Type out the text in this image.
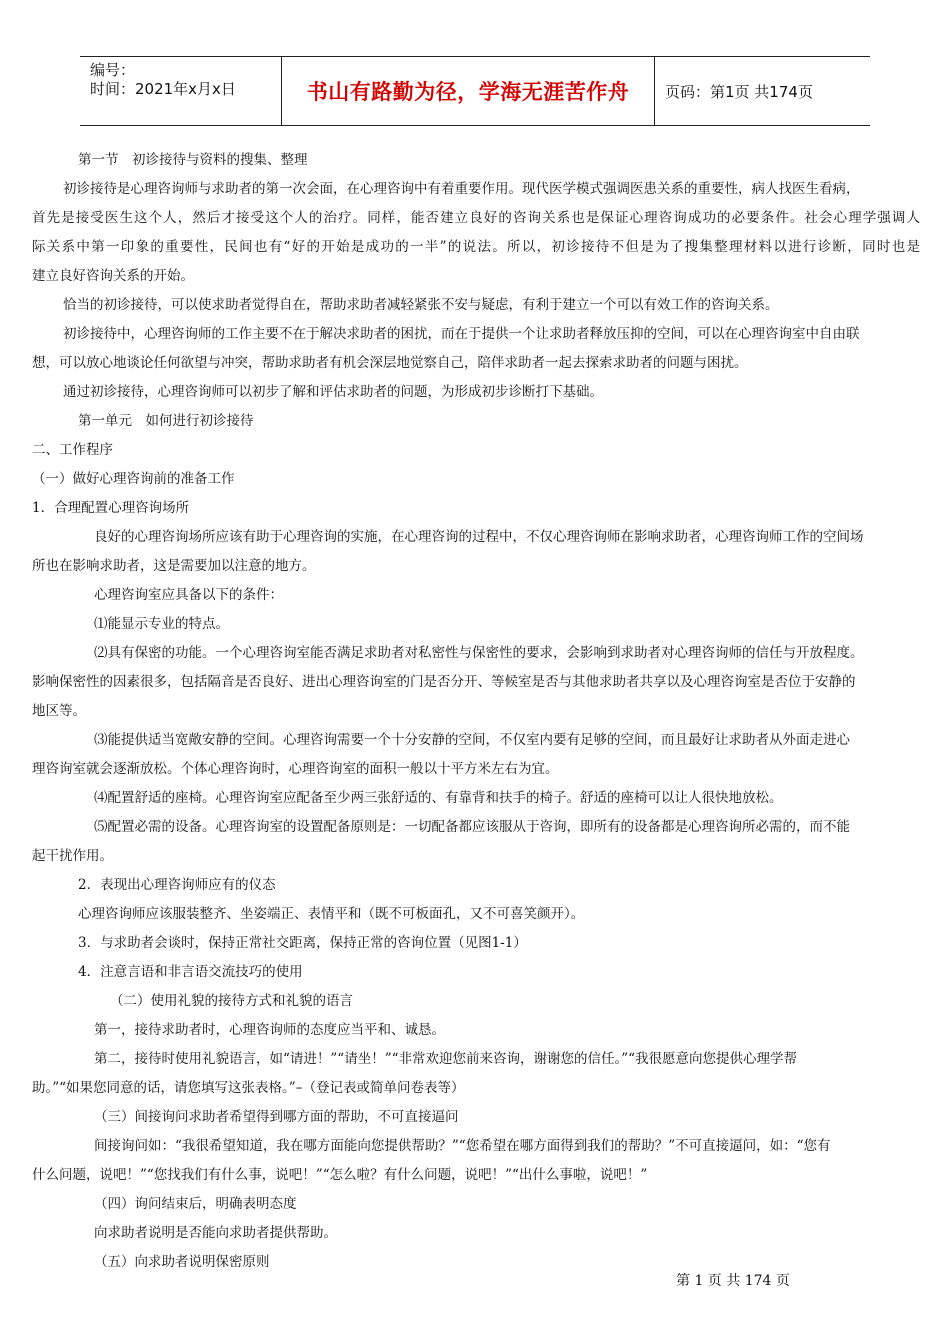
编号：
时间：2021年x月x日	书山有路勤为径，学海无涯苦作舟	页码：第1页 共174页
第一节　初诊接待与资料的搜集、整理
初诊接待是心理咨询师与求助者的第一次会面，在心理咨询中有着重要作用。现代医学模式强调医患关系的重要性，病人找医生看病，
首先是接受医生这个人，然后才接受这个人的治疗。同样，能否建立良好的咨询关系也是保证心理咨询成功的必要条件。社会心理学强调人
际关系中第一印象的重要性，民间也有“好的开始是成功的一半”的说法。所以，初诊接待不但是为了搜集整理材料以进行诊断，同时也是
建立良好咨询关系的开始。
恰当的初诊接待，可以使求助者觉得自在，帮助求助者减轻紧张不安与疑虑，有利于建立一个可以有效工作的咨询关系。
初诊接待中，心理咨询师的工作主要不在于解决求助者的困扰，而在于提供一个让求助者释放压抑的空间，可以在心理咨询室中自由联
想，可以放心地谈论任何欲望与冲突，帮助求助者有机会深层地觉察自己，陪伴求助者一起去探索求助者的问题与困扰。
通过初诊接待，心理咨询师可以初步了解和评估求助者的问题，为形成初步诊断打下基础。
第一单元　如何进行初诊接待
二、工作程序
（一）做好心理咨询前的准备工作
1．合理配置心理咨询场所
良好的心理咨询场所应该有助于心理咨询的实施，在心理咨询的过程中，不仅心理咨询师在影响求助者，心理咨询师工作的空间场
所也在影响求助者，这是需要加以注意的地方。
心理咨询室应具备以下的条件：
⑴能显示专业的特点。
⑵具有保密的功能。一个心理咨询室能否满足求助者对私密性与保密性的要求，会影响到求助者对心理咨询师的信任与开放程度。
影响保密性的因素很多，包括隔音是否良好、进出心理咨询室的门是否分开、等候室是否与其他求助者共享以及心理咨询室是否位于安静的
地区等。
⑶能提供适当宽敞安静的空间。心理咨询需要一个十分安静的空间，不仅室内要有足够的空间，而且最好让求助者从外面走进心
理咨询室就会逐渐放松。个体心理咨询时，心理咨询室的面积一般以十平方米左右为宜。
⑷配置舒适的座椅。心理咨询室应配备至少两三张舒适的、有靠背和扶手的椅子。舒适的座椅可以让人很快地放松。
⑸配置必需的设备。心理咨询室的设置配备原则是：一切配备都应该服从于咨询，即所有的设备都是心理咨询所必需的，而不能
起干扰作用。
2．表现出心理咨询师应有的仪态
心理咨询师应该服装整齐、坐姿端正、表情平和（既不可板面孔，又不可喜笑颜开）。
3．与求助者会谈时，保持正常社交距离，保持正常的咨询位置（见图1-1）
4．注意言语和非言语交流技巧的使用
（二）使用礼貌的接待方式和礼貌的语言
第一，接待求助者时，心理咨询师的态度应当平和、诚恳。
第二，接待时使用礼貌语言，如“请进！”“请坐！”“非常欢迎您前来咨询，谢谢您的信任。”“我很愿意向您提供心理学帮
助。”“如果您同意的话，请您填写这张表格。”–（登记表或简单问卷表等）
（三）间接询问求助者希望得到哪方面的帮助，不可直接逼问
间接询问如：“我很希望知道，我在哪方面能向您提供帮助？”“您希望在哪方面得到我们的帮助？”不可直接逼问，如：“您有
什么问题，说吧！”“您找我们有什么事，说吧！”“怎么啦？有什么问题，说吧！”“出什么事啦，说吧！”
（四）询问结束后，明确表明态度
向求助者说明是否能向求助者提供帮助。
（五）向求助者说明保密原则
第 1 页 共 174 页
